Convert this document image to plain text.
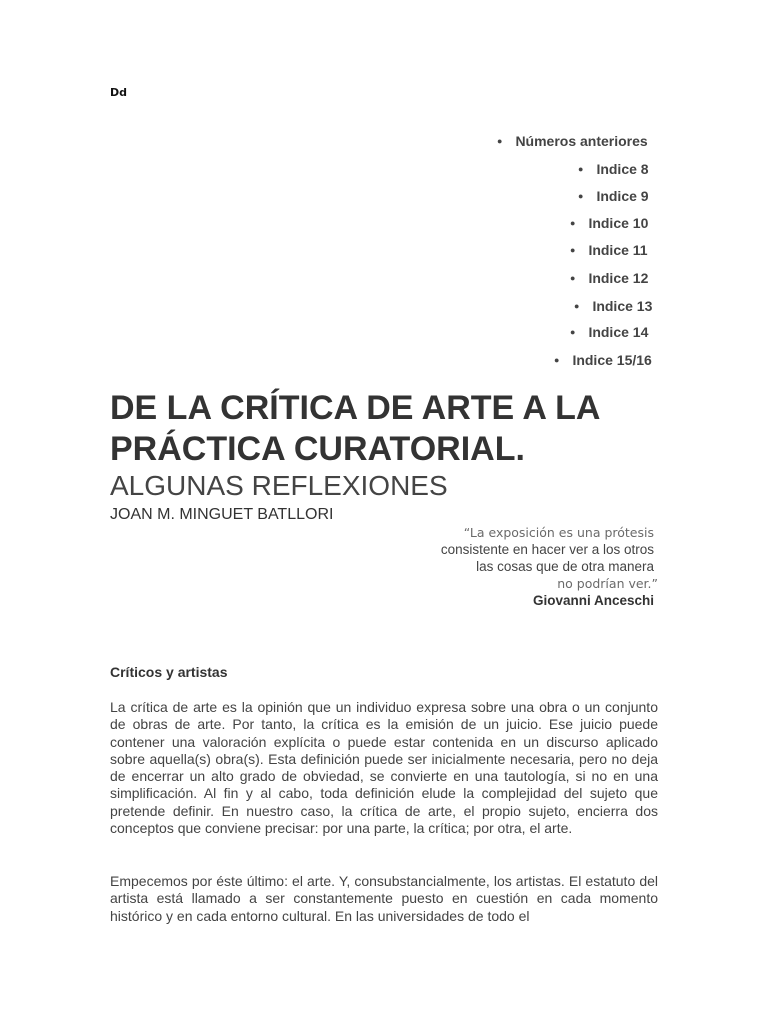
Dd
● Números anteriores
● Indice 8
● Indice 9
● Indice 10
● Indice 11
● Indice 12
● Indice 13
● Indice 14
● Indice 15/16
DE LA CRÍTICA DE ARTE A LA PRÁCTICA CURATORIAL.
ALGUNAS REFLEXIONES
JOAN M. MINGUET BATLLORI
“La exposición es una prótesis
consistente en hacer ver a los otros
las cosas que de otra manera
no podrían ver.”
Giovanni Anceschi
Críticos y artistas

La crítica de arte es la opinión que un individuo expresa sobre una obra o un conjunto de obras de arte. Por tanto, la crítica es la emisión de un juicio. Ese juicio puede contener una valoración explícita o puede estar contenida en un discurso aplicado sobre aquella(s) obra(s). Esta definición puede ser inicialmente necesaria, pero no deja de encerrar un alto grado de obviedad, se convierte en una tautología, si no en una simplificación. Al fin y al cabo, toda definición elude la complejidad del sujeto que pretende definir. En nuestro caso, la crítica de arte, el propio sujeto, encierra dos conceptos que conviene precisar: por una parte, la crítica; por otra, el arte.

Empecemos por éste último: el arte. Y, consubstancialmente, los artistas. El estatuto del artista está llamado a ser constantemente puesto en cuestión en cada momento histórico y en cada entorno cultural. En las universidades de todo el
